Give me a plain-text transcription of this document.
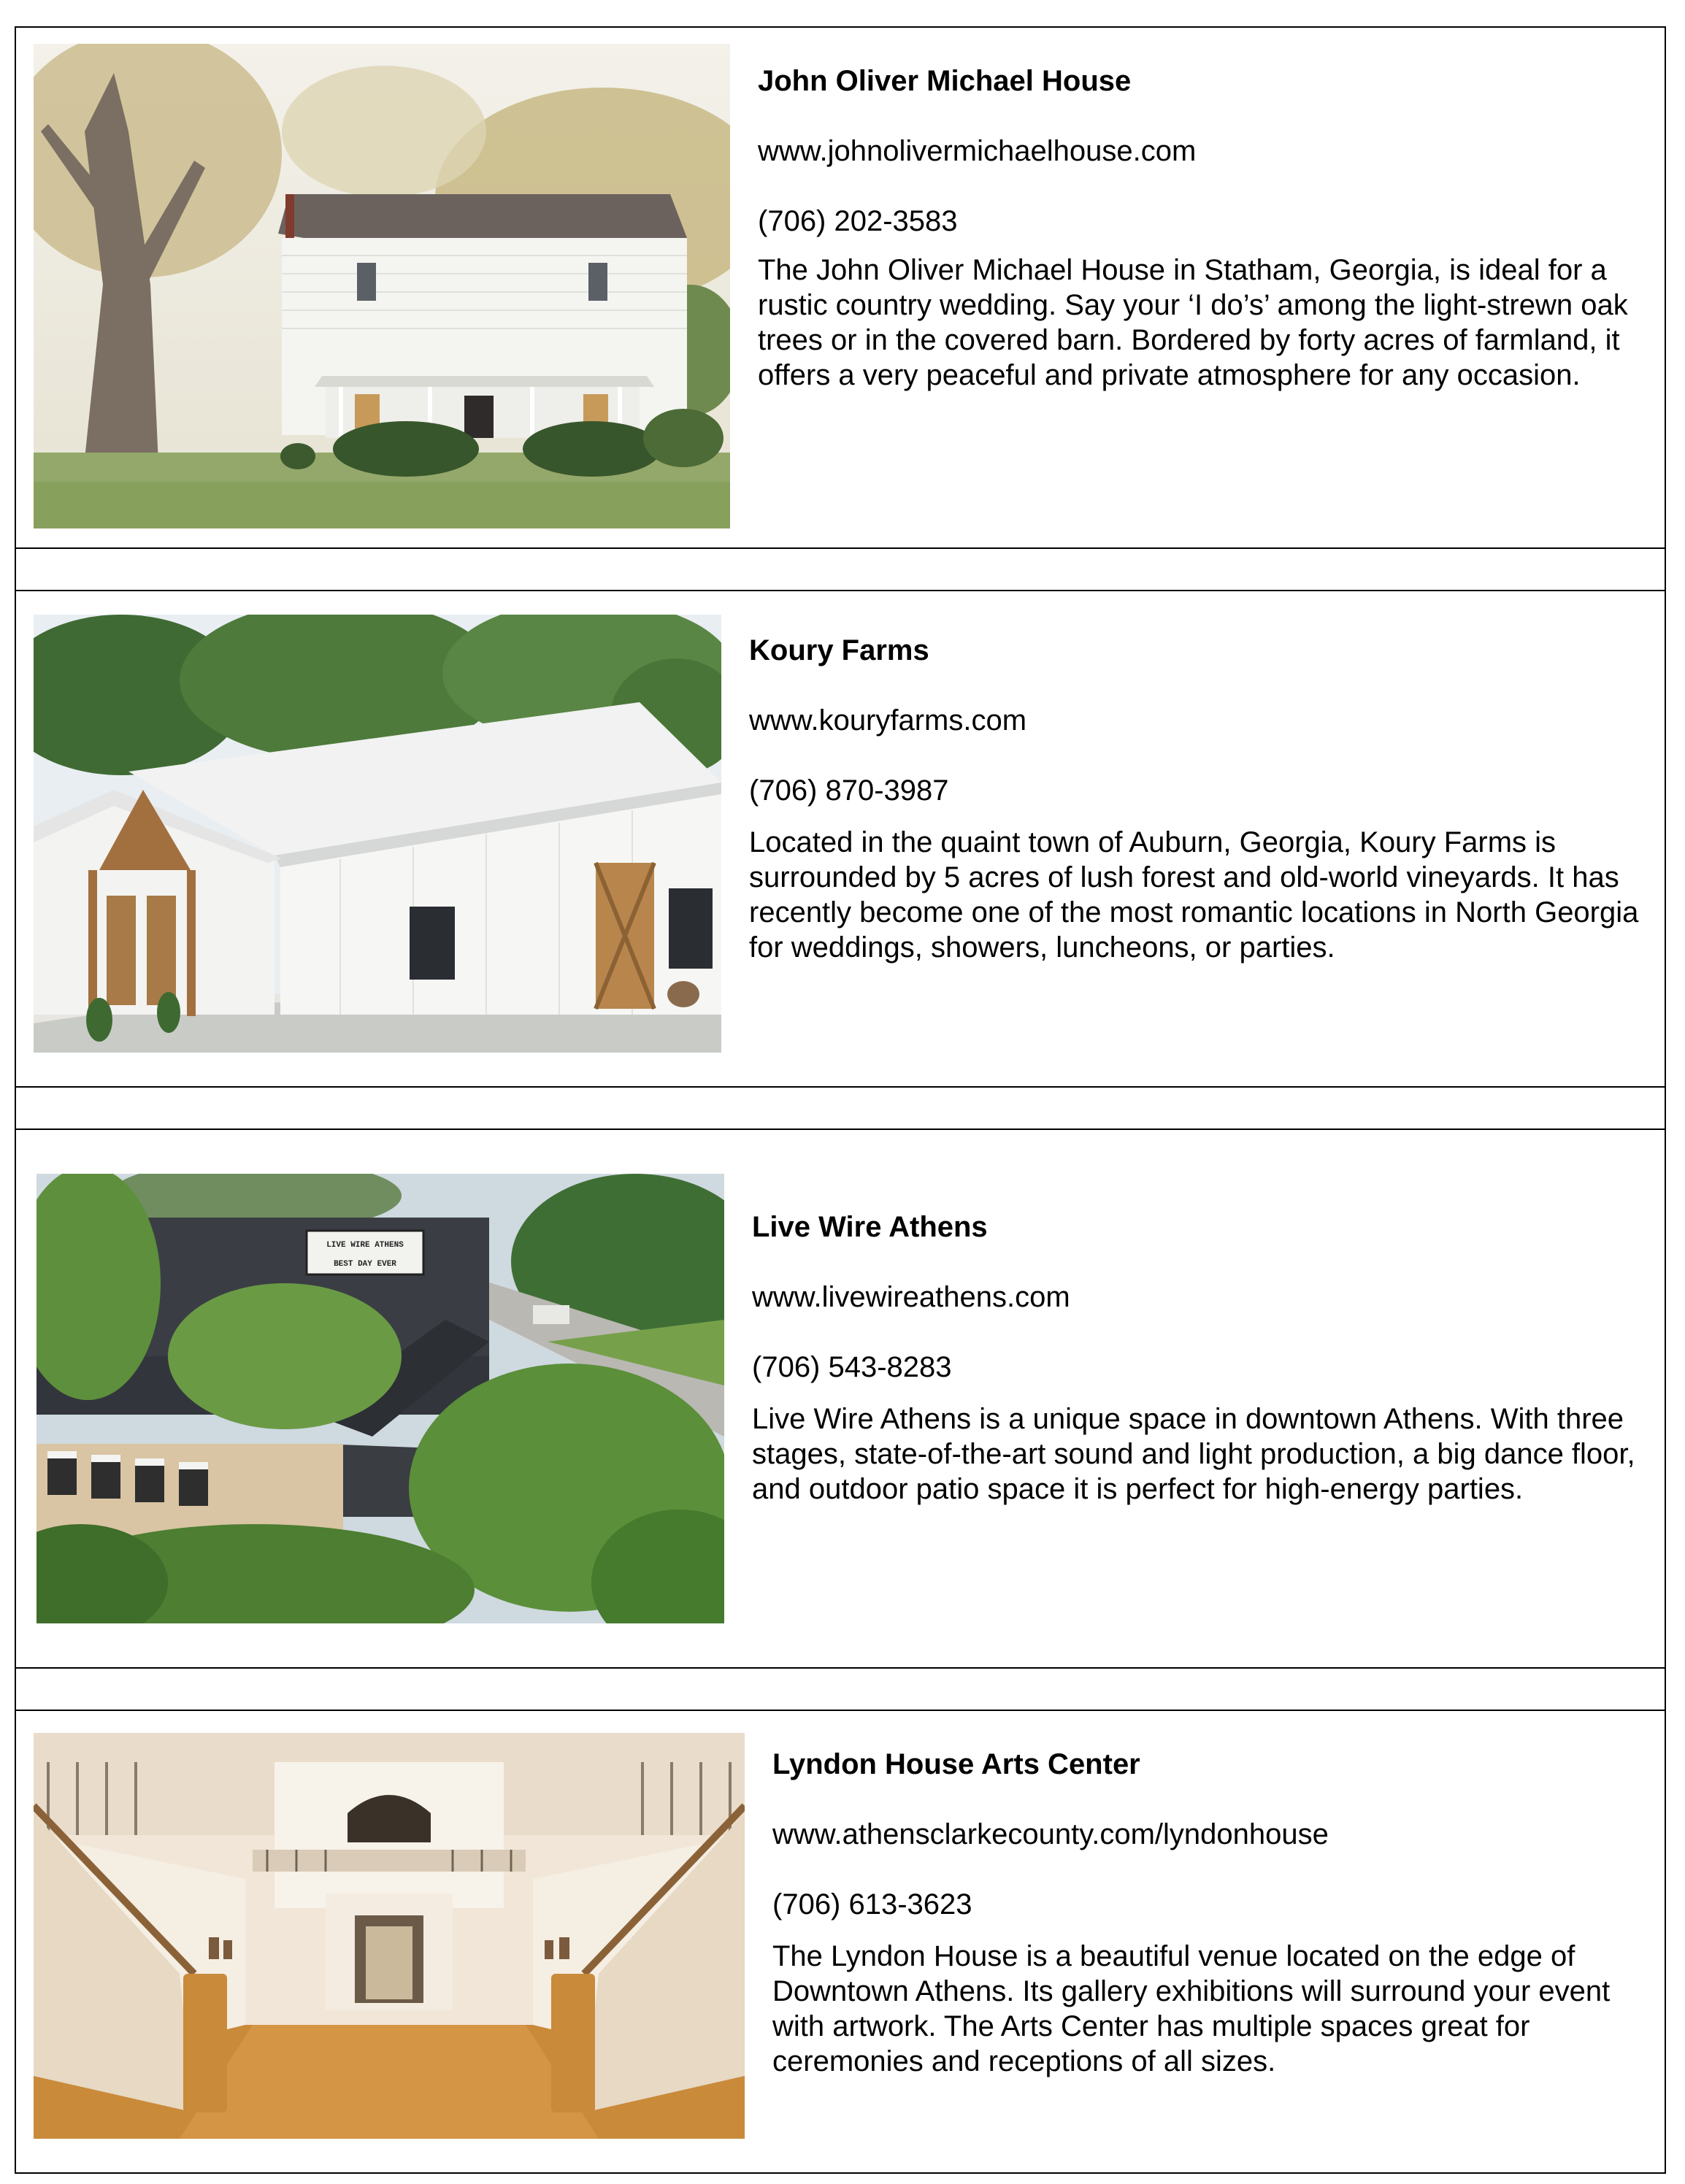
John Oliver Michael House

www.johnolivermichaelhouse.com

(706) 202-3583

The John Oliver Michael House in Statham, Georgia, is ideal for a rustic country wedding. Say your ‘I do’s’ among the light-strewn oak trees or in the covered barn. Bordered by forty acres of farmland, it offers a very peaceful and private atmosphere for any occasion.

Koury Farms

www.kouryfarms.com

(706) 870-3987

Located in the quaint town of Auburn, Georgia, Koury Farms is surrounded by 5 acres of lush forest and old-world vineyards. It has recently become one of the most romantic locations in North Georgia for weddings, showers, luncheons, or parties.

LIVE WIRE ATHENS
BEST DAY EVER

Live Wire Athens

www.livewireathens.com

(706) 543-8283

Live Wire Athens is a unique space in downtown Athens. With three stages, state-of-the-art sound and light production, a big dance floor, and outdoor patio space it is perfect for high-energy parties.

Lyndon House Arts Center

www.athensclarkecounty.com/lyndonhouse

(706) 613-3623

The Lyndon House is a beautiful venue located on the edge of Downtown Athens. Its gallery exhibitions will surround your event with artwork. The Arts Center has multiple spaces great for ceremonies and receptions of all sizes.
